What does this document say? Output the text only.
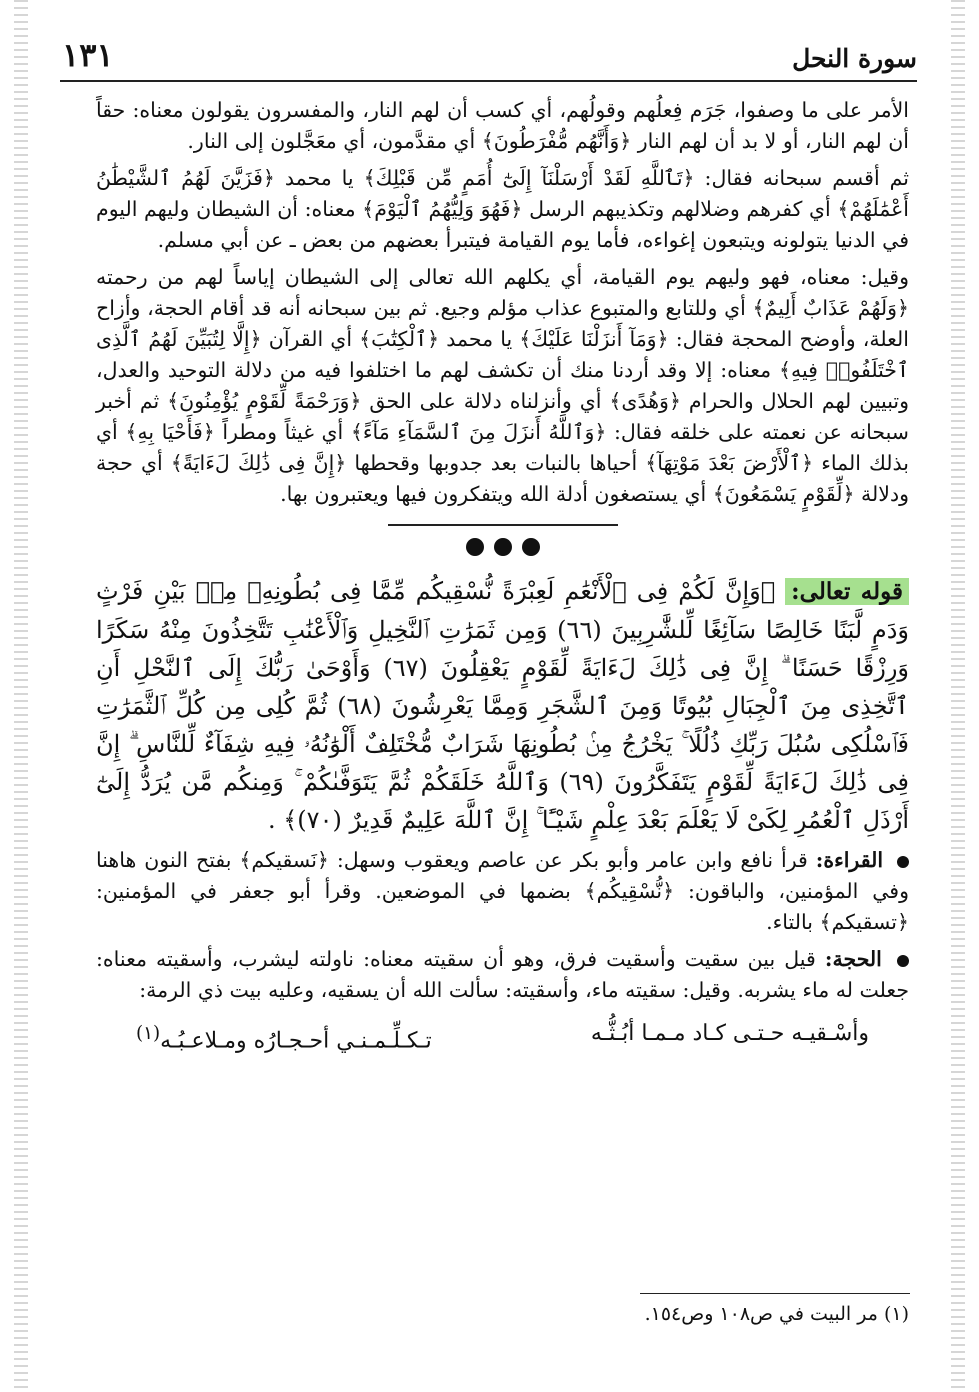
سورة النحل
١٣١

الأمر على ما وصفوا، جَرَم فِعلُهم وقولُهم، أي كسب أن لهم النار، والمفسرون يقولون معناه: حقاً أن لهم النار، أو لا بد أن لهم النار ﴿وَأَنَّهُم مُّفْرَطُونَ﴾ أي مقدَّمون، أي معَجَّلون إلى النار.

ثم أقسم سبحانه فقال: ﴿تَٱللَّهِ لَقَدْ أَرْسَلْنَآ إِلَىٰٓ أُمَمٍ مِّن قَبْلِكَ﴾ يا محمد ﴿فَزَيَّنَ لَهُمُ ٱلشَّيْطَٰنُ أَعْمَٰلَهُمْ﴾ أي كفرهم وضلالهم وتكذيبهم الرسل ﴿فَهُوَ وَلِيُّهُمُ ٱلْيَوْمَ﴾ معناه: أن الشيطان وليهم اليوم في الدنيا يتولونه ويتبعون إغواءه، فأما يوم القيامة فيتبرأ بعضهم من بعض ـ عن أبي مسلم.

وقيل: معناه، فهو وليهم يوم القيامة، أي يكلهم الله تعالى إلى الشيطان إياساً لهم من رحمته ﴿وَلَهُمْ عَذَابٌ أَلِيمٌ﴾ أي وللتابع والمتبوع عذاب مؤلم وجيع. ثم بين سبحانه أنه قد أقام الحجة، وأزاح العلة، وأوضح المحجة فقال: ﴿وَمَآ أَنزَلْنَا عَلَيْكَ﴾ يا محمد ﴿ٱلْكِتَٰبَ﴾ أي القرآن ﴿إِلَّا لِتُبَيِّنَ لَهُمُ ٱلَّذِى ٱخْتَلَفُوا۟ فِيهِ﴾ معناه: إلا وقد أردنا منك أن تكشف لهم ما اختلفوا فيه من دلالة التوحيد والعدل، وتبيين لهم الحلال والحرام ﴿وَهُدًى﴾ أي وأنزلناه دلالة على الحق ﴿وَرَحْمَةً لِّقَوْمٍ يُؤْمِنُونَ﴾ ثم أخبر سبحانه عن نعمته على خلقه فقال: ﴿وَٱللَّهُ أَنزَلَ مِنَ ٱلسَّمَآءِ مَآءً﴾ أي غيثاً ومطراً ﴿فَأَحْيَا بِهِ﴾ أي بذلك الماء ﴿ٱلْأَرْضَ بَعْدَ مَوْتِهَآ﴾ أحياها بالنبات بعد جدوبها وقحطها ﴿إِنَّ فِى ذَٰلِكَ لَءَايَةً﴾ أي حجة ودلالة ﴿لِّقَوْمٍ يَسْمَعُونَ﴾ أي يستصغون أدلة الله ويتفكرون فيها ويعتبرون بها.

قوله تعالى: ﴿وَإِنَّ لَكُمْ فِى ٱلْأَنْعَٰمِ لَعِبْرَةً نُّسْقِيكُم مِّمَّا فِى بُطُونِهِۦ مِنۢ بَيْنِ فَرْثٍ وَدَمٍ لَّبَنًا خَالِصًا سَآئِغًا لِّلشَّٰرِبِينَ (٦٦) وَمِن ثَمَرَٰتِ ٱلنَّخِيلِ وَٱلْأَعْنَٰبِ تَتَّخِذُونَ مِنْهُ سَكَرًا وَرِزْقًا حَسَنًا ۗ إِنَّ فِى ذَٰلِكَ لَءَايَةً لِّقَوْمٍ يَعْقِلُونَ (٦٧) وَأَوْحَىٰ رَبُّكَ إِلَى ٱلنَّحْلِ أَنِ ٱتَّخِذِى مِنَ ٱلْجِبَالِ بُيُوتًا وَمِنَ ٱلشَّجَرِ وَمِمَّا يَعْرِشُونَ (٦٨) ثُمَّ كُلِى مِن كُلِّ ٱلثَّمَرَٰتِ فَٱسْلُكِى سُبُلَ رَبِّكِ ذُلُلًا ۚ يَخْرُجُ مِنۢ بُطُونِهَا شَرَابٌ مُّخْتَلِفٌ أَلْوَٰنُهُۥ فِيهِ شِفَآءٌ لِّلنَّاسِ ۗ إِنَّ فِى ذَٰلِكَ لَءَايَةً لِّقَوْمٍ يَتَفَكَّرُونَ (٦٩) وَٱللَّهُ خَلَقَكُمْ ثُمَّ يَتَوَفَّىٰكُمْ ۚ وَمِنكُم مَّن يُرَدُّ إِلَىٰٓ أَرْذَلِ ٱلْعُمُرِ لِكَىْ لَا يَعْلَمَ بَعْدَ عِلْمٍ شَيْـًٔا ۚ إِنَّ ٱللَّهَ عَلِيمٌ قَدِيرٌ (٧٠)﴾ .

القراءة: قرأ نافع وابن عامر وأبو بكر عن عاصم ويعقوب وسهل: ﴿نَسقيكم﴾ بفتح النون هاهنا وفي المؤمنين، والباقون: ﴿نُّسْقِيكُم﴾ بضمها في الموضعين. وقرأ أبو جعفر في المؤمنين: ﴿تسقيكم﴾ بالتاء.

الحجة: قيل بين سقيت وأسقيت فرق، وهو أن سقيته معناه: ناولته ليشرب، وأسقيته معناه: جعلت له ماء يشربه. وقيل: سقيته ماء، وأسقيته: سألت الله أن يسقيه، وعليه بيت ذي الرمة:

وأسْـقيـه حـتـى كـاد مـمـا أبُـثُّـه
تـكـلِّـمـنـي أحـجـارُه ومـلاعـبُـه$^{(١)}$
(١) مر البيت في ص١٠٨ وص١٥٤.
